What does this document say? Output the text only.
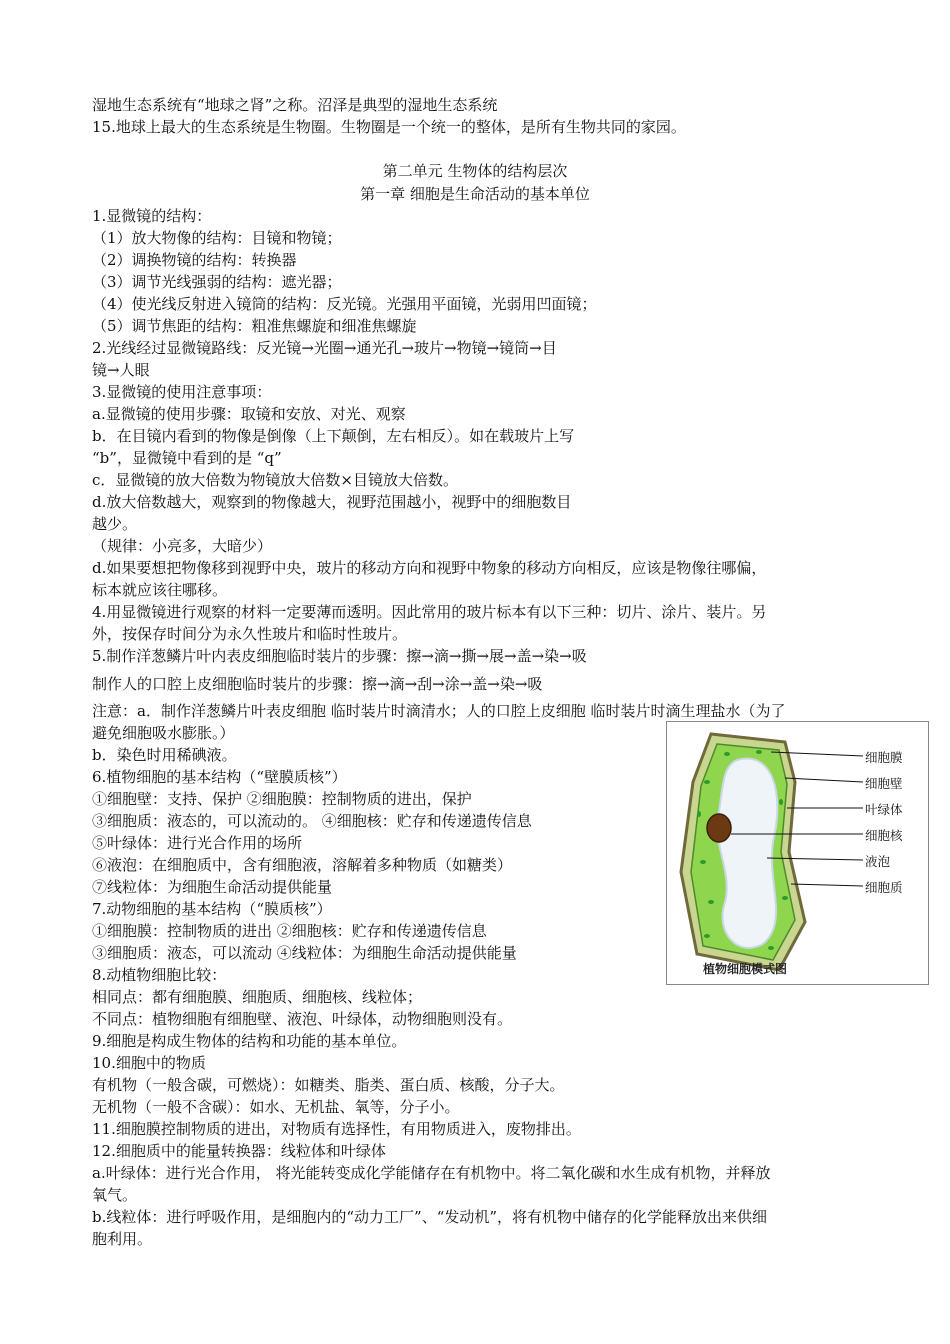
湿地生态系统有“地球之肾”之称。沼泽是典型的湿地生态系统
15.地球上最大的生态系统是生物圈。生物圈是一个统一的整体，是所有生物共同的家园。
第二单元 生物体的结构层次
第一章 细胞是生命活动的基本单位
1.显微镜的结构：
（1）放大物像的结构：目镜和物镜；
（2）调换物镜的结构：转换器
（3）调节光线强弱的结构：遮光器；
（4）使光线反射进入镜筒的结构：反光镜。光强用平面镜，光弱用凹面镜；
（5）调节焦距的结构：粗准焦螺旋和细准焦螺旋
2.光线经过显微镜路线：反光镜→光圈→通光孔→玻片→物镜→镜筒→目
镜→人眼
3.显微镜的使用注意事项：
a.显微镜的使用步骤：取镜和安放、对光、观察
b．在目镜内看到的物像是倒像（上下颠倒，左右相反）。如在载玻片上写
“b”，显微镜中看到的是 “q”
c．显微镜的放大倍数为物镜放大倍数×目镜放大倍数。
d.放大倍数越大，观察到的物像越大，视野范围越小，视野中的细胞数目
越少。
（规律：小亮多，大暗少）
d.如果要想把物像移到视野中央，玻片的移动方向和视野中物象的移动方向相反，应该是物像往哪偏，
标本就应该往哪移。
4.用显微镜进行观察的材料一定要薄而透明。因此常用的玻片标本有以下三种：切片、涂片、装片。另
外，按保存时间分为永久性玻片和临时性玻片。
5.制作洋葱鳞片叶内表皮细胞临时装片的步骤：擦→滴→撕→展→盖→染→吸
制作人的口腔上皮细胞临时装片的步骤：擦→滴→刮→涂→盖→染→吸
注意：a．制作洋葱鳞片叶表皮细胞 临时装片时滴清水；人的口腔上皮细胞 临时装片时滴生理盐水（为了
避免细胞吸水膨胀。）
b．染色时用稀碘液。
6.植物细胞的基本结构（“壁膜质核”）
①细胞壁：支持、保护 ②细胞膜：控制物质的进出，保护
③细胞质：液态的，可以流动的。 ④细胞核：贮存和传递遗传信息
⑤叶绿体：进行光合作用的场所
⑥液泡：在细胞质中，含有细胞液，溶解着多种物质（如糖类）
⑦线粒体：为细胞生命活动提供能量
7.动物细胞的基本结构（“膜质核”）
①细胞膜：控制物质的进出 ②细胞核：贮存和传递遗传信息
③细胞质：液态，可以流动 ④线粒体：为细胞生命活动提供能量
8.动植物细胞比较：
相同点：都有细胞膜、细胞质、细胞核、线粒体；
不同点：植物细胞有细胞壁、液泡、叶绿体，动物细胞则没有。
9.细胞是构成生物体的结构和功能的基本单位。
10.细胞中的物质
有机物（一般含碳，可燃烧）：如糖类、脂类、蛋白质、核酸，分子大。
无机物（一般不含碳）：如水、无机盐、氧等，分子小。
11.细胞膜控制物质的进出，对物质有选择性，有用物质进入，废物排出。
12.细胞质中的能量转换器：线粒体和叶绿体
a.叶绿体：进行光合作用， 将光能转变成化学能储存在有机物中。将二氧化碳和水生成有机物，并释放
氧气。
b.线粒体：进行呼吸作用，是细胞内的“动力工厂”、“发动机”，将有机物中储存的化学能释放出来供细
胞利用。
细胞膜
细胞壁
叶绿体
细胞核
液泡
细胞质
植物细胞模式图
